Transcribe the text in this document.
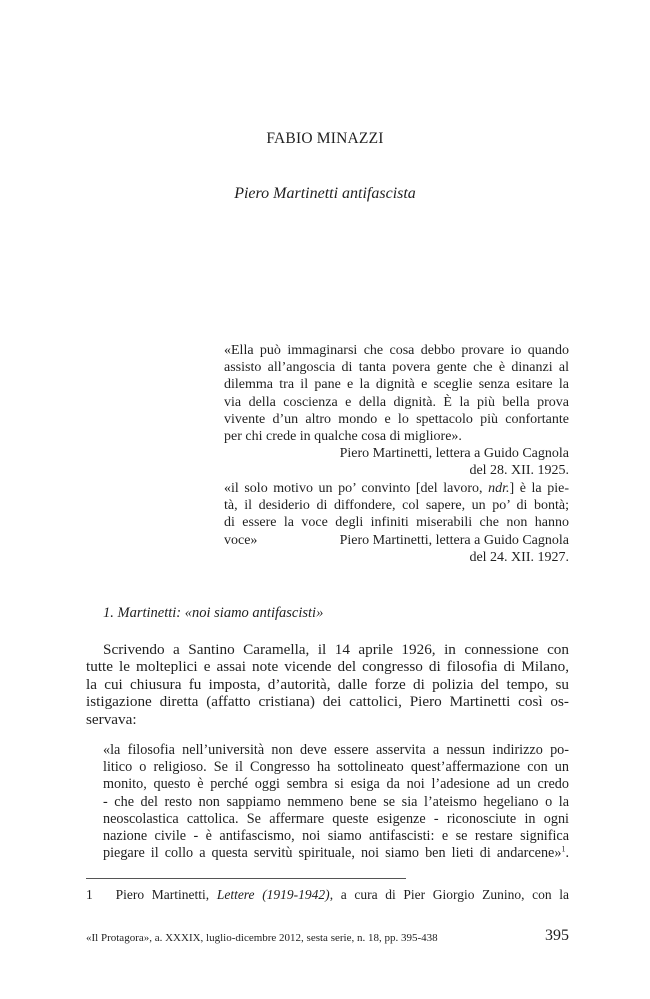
FABIO MINAZZI
Piero Martinetti antifascista
«Ella può immaginarsi che cosa debbo provare io quando
assisto all’angoscia di tanta povera gente che è dinanzi al
dilemma tra il pane e la dignità e sceglie senza esitare la
via della coscienza e della dignità. È la più bella prova
vivente d’un altro mondo e lo spettacolo più confortante
per chi crede in qualche cosa di migliore».
Piero Martinetti, lettera a Guido Cagnola
del 28. XII. 1925.
«il solo motivo un po’ convinto [del lavoro, ndr.] è la pie-
tà, il desiderio di diffondere, col sapere, un po’ di bontà;
di essere la voce degli infiniti miserabili che non hanno
voce»	Piero Martinetti, lettera a Guido Cagnola
del 24. XII. 1927.
1. Martinetti: «noi siamo antifascisti»
Scrivendo a Santino Caramella, il 14 aprile 1926, in connessione con
tutte le molteplici e assai note vicende del congresso di filosofia di Milano,
la cui chiusura fu imposta, d’autorità, dalle forze di polizia del tempo, su
istigazione diretta (affatto cristiana) dei cattolici, Piero Martinetti così os-
servava:
«la filosofia nell’università non deve essere asservita a nessun indirizzo po-
litico o religioso. Se il Congresso ha sottolineato quest’affermazione con un
monito, questo è perché oggi sembra si esiga da noi l’adesione ad un credo
- che del resto non sappiamo nemmeno bene se sia l’ateismo hegeliano o la
neoscolastica cattolica. Se affermare queste esigenze - riconosciute in ogni
nazione civile - è antifascismo, noi siamo antifascisti: e se restare significa
piegare il collo a questa servitù spirituale, noi siamo ben lieti di andarcene»$^1$.
1 Piero Martinetti, Lettere (1919-1942), a cura di Pier Giorgio Zunino, con la
«Il Protagora», a. XXXIX, luglio-dicembre 2012, sesta serie, n. 18, pp. 395-438	395
